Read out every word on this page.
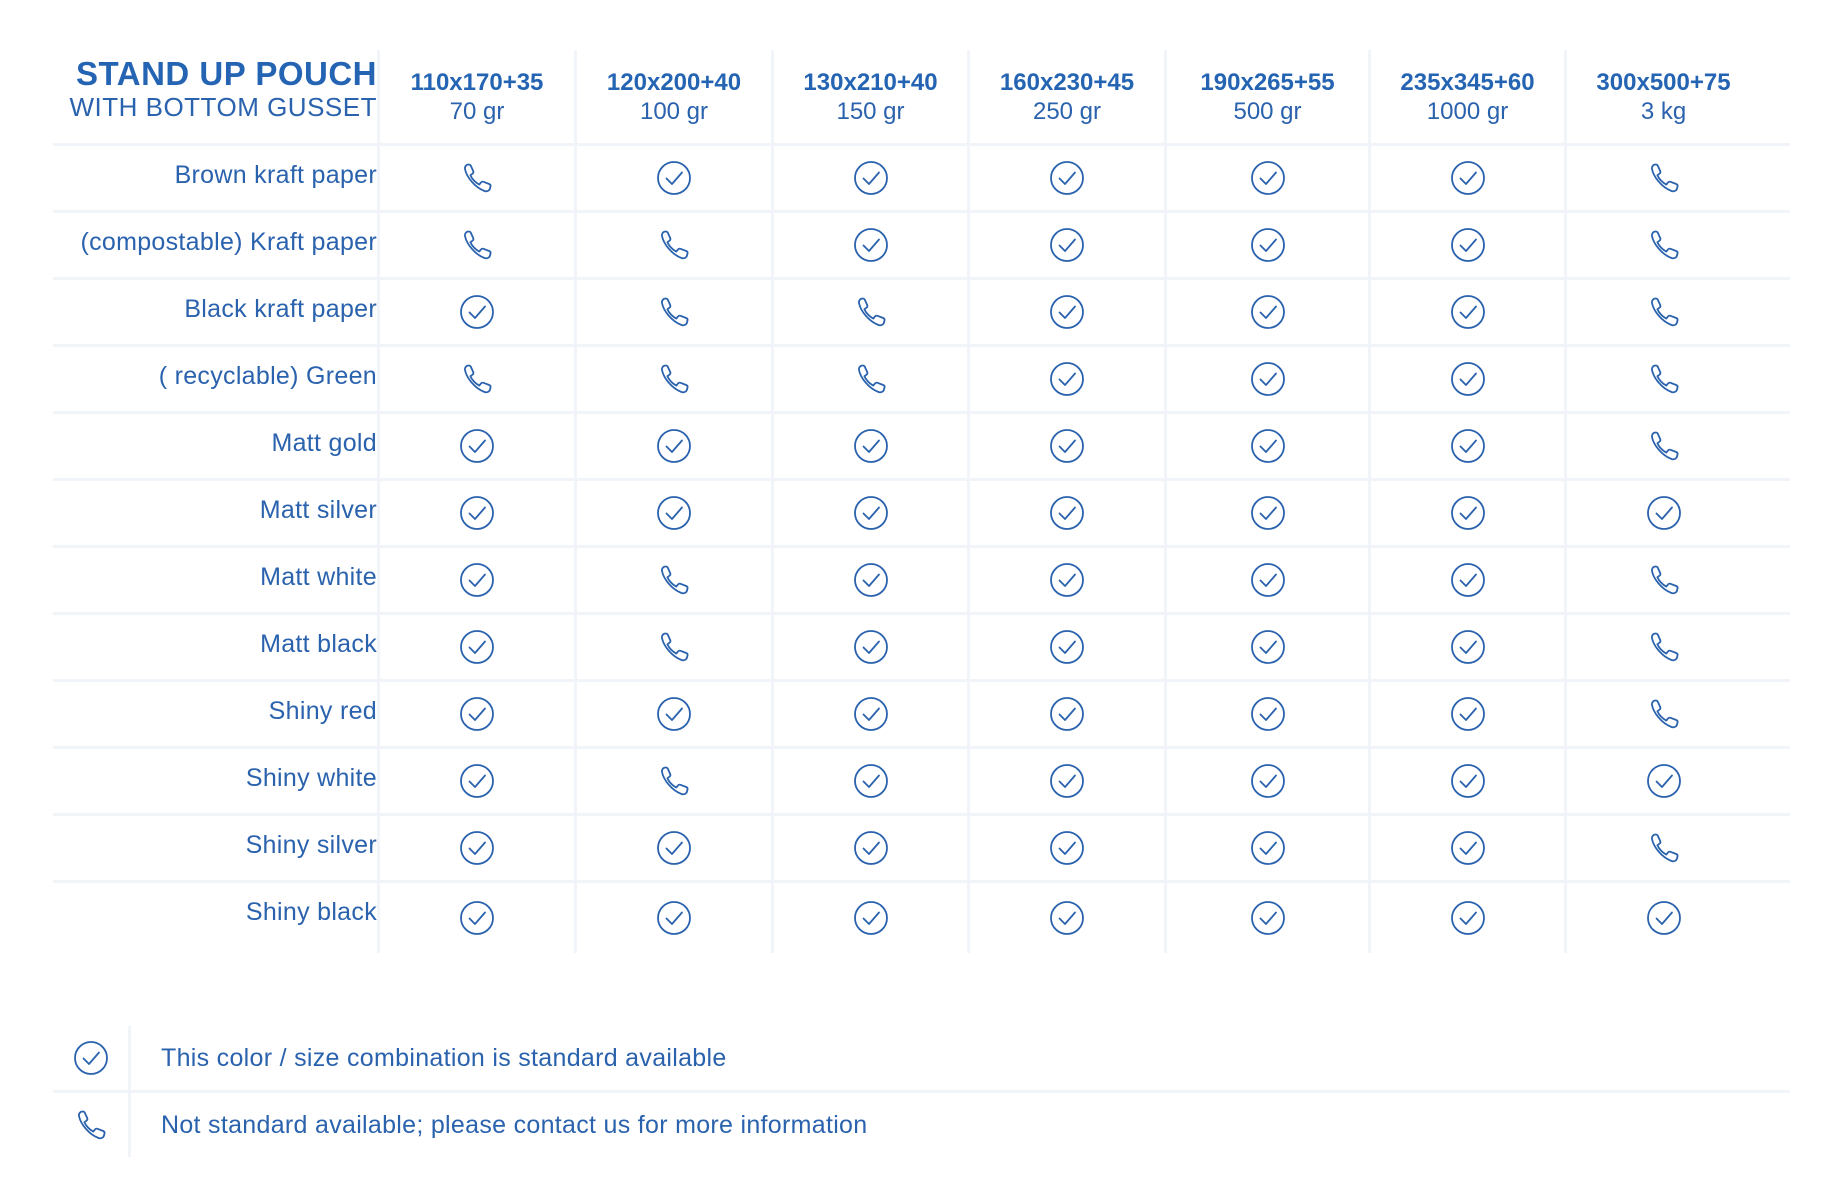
STAND UP POUCH
WITH BOTTOM GUSSET
110x170+35
70 gr
120x200+40
100 gr
130x210+40
150 gr
160x230+45
250 gr
190x265+55
500 gr
235x345+60
1000 gr
300x500+75
3 kg
Brown kraft paper
(compostable) Kraft paper
Black kraft paper
( recyclable) Green
Matt gold
Matt silver
Matt white
Matt black
Shiny red
Shiny white
Shiny silver
Shiny black
This color / size combination is standard available
Not standard available; please contact us for more information
